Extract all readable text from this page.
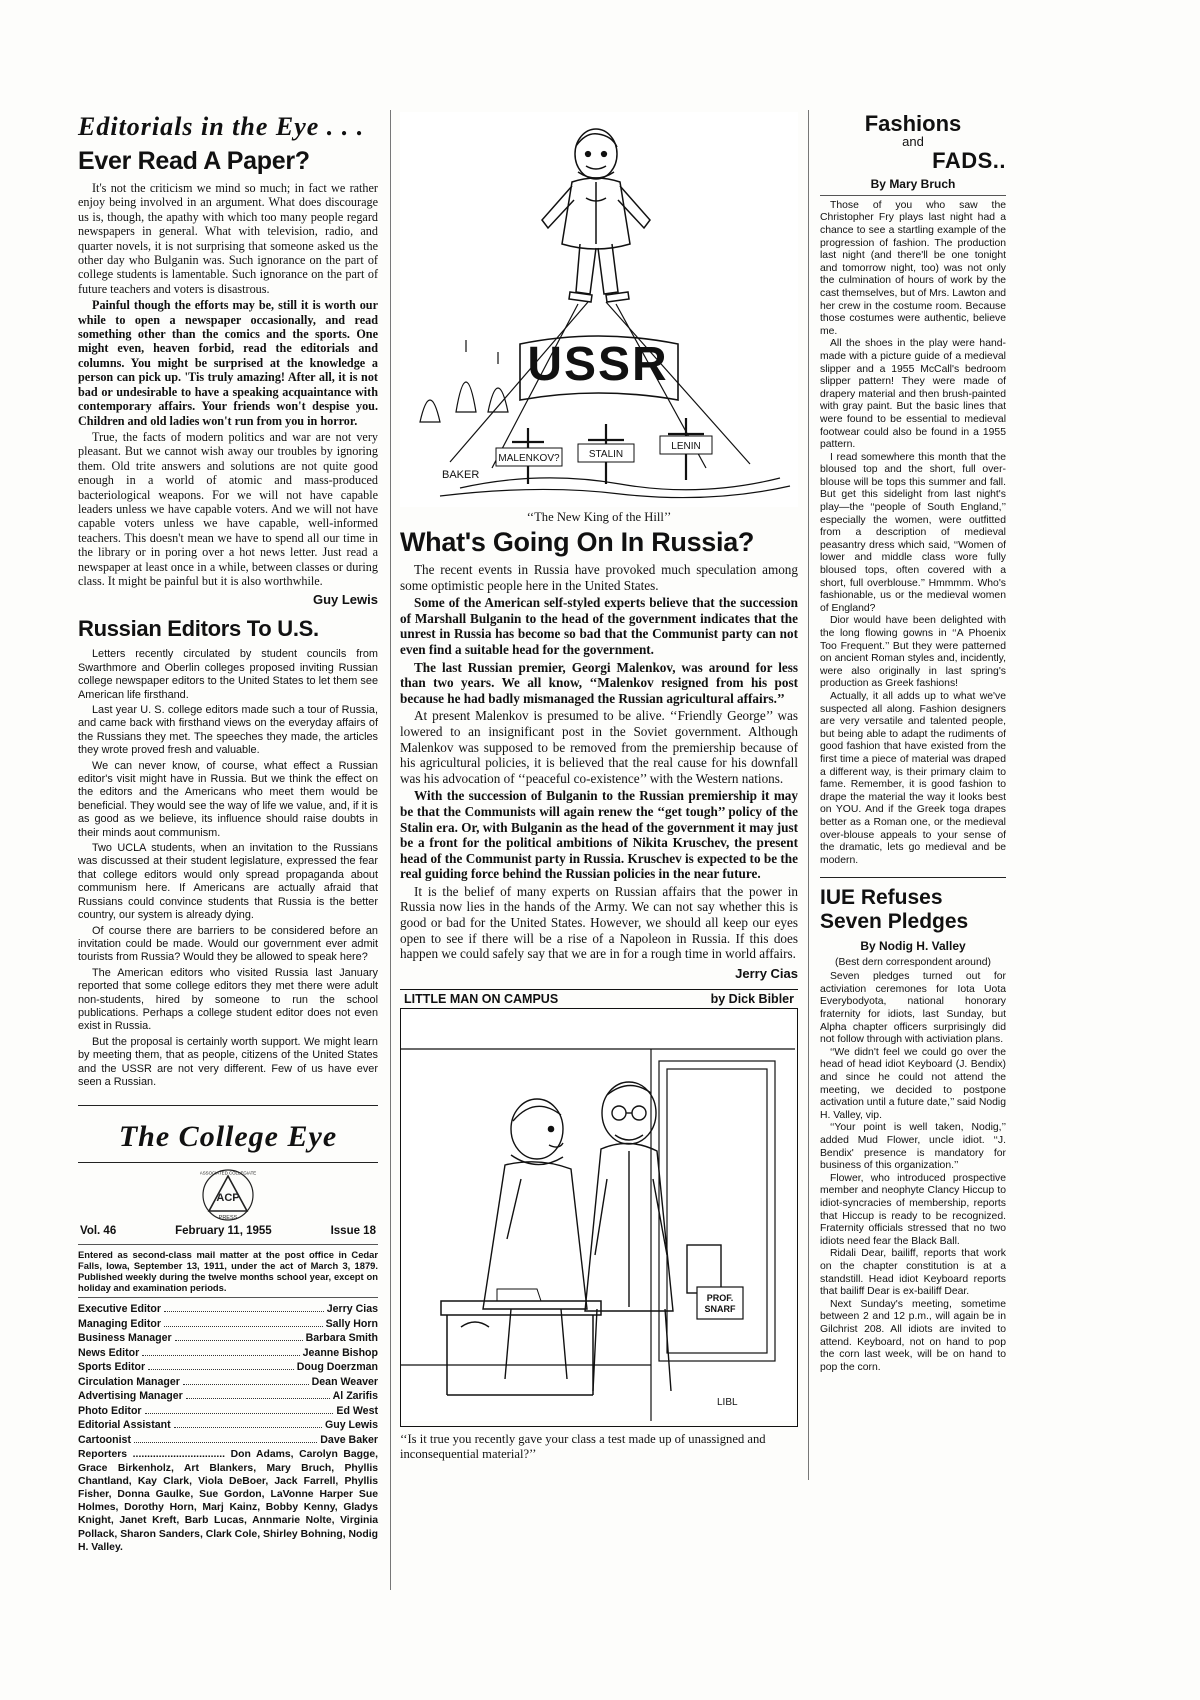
Editorials in the Eye . . .
Ever Read A Paper?

It's not the criticism we mind so much; in fact we rather enjoy being involved in an argument. What does discourage us is, though, the apathy with which too many people regard newspapers in general. What with television, radio, and quarter novels, it is not surprising that someone asked us the other day who Bulganin was. Such ignorance on the part of college students is lamentable. Such ignorance on the part of future teachers and voters is disastrous.

Painful though the efforts may be, still it is worth our while to open a newspaper occasionally, and read something other than the comics and the sports. One might even, heaven forbid, read the editorials and columns. You might be surprised at the knowledge a person can pick up. 'Tis truly amazing! After all, it is not bad or undesirable to have a speaking acquaintance with contemporary affairs. Your friends won't despise you. Children and old ladies won't run from you in horror.

True, the facts of modern politics and war are not very pleasant. But we cannot wish away our troubles by ignoring them. Old trite answers and solutions are not quite good enough in a world of atomic and mass-produced bacteriological weapons. For we will not have capable leaders unless we have capable voters. And we will not have capable voters unless we have capable, well-informed teachers. This doesn't mean we have to spend all our time in the library or in poring over a hot news letter. Just read a newspaper at least once in a while, between classes or during class. It might be painful but it is also worthwhile.

Guy Lewis
Russian Editors To U.S.

Letters recently circulated by student councils from Swarthmore and Oberlin colleges proposed inviting Russian college newspaper editors to the United States to let them see American life firsthand.

Last year U. S. college editors made such a tour of Russia, and came back with firsthand views on the everyday affairs of the Russians they met. The speeches they made, the articles they wrote proved fresh and valuable.

We can never know, of course, what effect a Russian editor's visit might have in Russia. But we think the effect on the editors and the Americans who meet them would be beneficial. They would see the way of life we value, and, if it is as good as we believe, its influence should raise doubts in their minds aout communism.

Two UCLA students, when an invitation to the Russians was discussed at their student legislature, expressed the fear that college editors would only spread propaganda about communism here. If Americans are actually afraid that Russians could convince students that Russia is the better country, our system is already dying.

Of course there are barriers to be considered before an invitation could be made. Would our government ever admit tourists from Russia? Would they be allowed to speak here?

The American editors who visited Russia last January reported that some college editors they met there were adult non-students, hired by someone to run the school publications. Perhaps a college student editor does not even exist in Russia.

But the proposal is certainly worth support. We might learn by meeting them, that as people, citizens of the United States and the USSR are not very different. Few of us have ever seen a Russian.

The College Eye
ACP
PRESS
ASSOCIATED COLLEGIATE
Vol. 46	February 11, 1955	Issue 18
Entered as second-class mail matter at the post office in Cedar Falls, Iowa, September 13, 1911, under the act of March 3, 1879. Published weekly during the twelve months school year, except on holiday and examination periods.
Executive Editor	Jerry Cias
Managing Editor	Sally Horn
Business Manager	Barbara Smith
News Editor	Jeanne Bishop
Sports Editor	Doug Doerzman
Circulation Manager	Dean Weaver
Advertising Manager	Al Zarifis
Photo Editor	Ed West
Editorial Assistant	Guy Lewis
Cartoonist	Dave Baker
Reporters ................................ Don Adams, Carolyn Bagge, Grace Birkenholz, Art Blankers, Mary Bruch, Phyllis Chantland, Kay Clark, Viola DeBoer, Jack Farrell, Phyllis Fisher, Donna Gaulke, Sue Gordon, LaVonne Harper Sue Holmes, Dorothy Horn, Marj Kainz, Bobby Kenny, Gladys Knight, Janet Kreft, Barb Lucas, Annmarie Nolte, Virginia Pollack, Sharon Sanders, Clark Cole, Shirley Bohning, Nodig H. Valley.
USSR
MALENKOV?	STALIN
LENIN
BAKER
‘‘The New King of the Hill’’
What's Going On In Russia?

The recent events in Russia have provoked much speculation among some optimistic people here in the United States.

Some of the American self-styled experts believe that the succession of Marshall Bulganin to the head of the government indicates that the unrest in Russia has become so bad that the Communist party can not even find a suitable head for the government.

The last Russian premier, Georgi Malenkov, was around for less than two years. We all know, ‘‘Malenkov resigned from his post because he had badly mismanaged the Russian agricultural affairs.’’

At present Malenkov is presumed to be alive. ‘‘Friendly George’’ was lowered to an insignificant post in the Soviet government. Although Malenkov was supposed to be removed from the premiership because of his agricultural policies, it is believed that the real cause for his downfall was his advocation of ‘‘peaceful co-existence’’ with the Western nations.

With the succession of Bulganin to the Russian premiership it may be that the Communists will again renew the ‘‘get tough’’ policy of the Stalin era. Or, with Bulganin as the head of the government it may just be a front for the political ambitions of Nikita Kruschev, the present head of the Communist party in Russia. Kruschev is expected to be the real guiding force behind the Russian policies in the near future.

It is the belief of many experts on Russian affairs that the power in Russia now lies in the hands of the Army. We can not say whether this is good or bad for the United States. However, we should all keep our eyes open to see if there will be a rise of a Napoleon in Russia. If this does happen we could safely say that we are in for a rough time in world affairs.

Jerry Cias
LITTLE MAN ON CAMPUS	by Dick Bibler
PROF.
SNARF
LIBL
‘‘Is it true you recently gave your class a test made up of unassigned and inconsequential material?’’
Fashions
and
FADS..
By Mary Bruch

Those of you who saw the Christopher Fry plays last night had a chance to see a startling example of the progression of fashion. The production last night (and there'll be one tonight and tomorrow night, too) was not only the culmination of hours of work by the cast themselves, but of Mrs. Lawton and her crew in the costume room. Because those costumes were authentic, believe me.

All the shoes in the play were hand-made with a picture guide of a medieval slipper and a 1955 McCall's bedroom slipper pattern! They were made of drapery material and then brush-painted with gray paint. But the basic lines that were found to be essential to medieval footwear could also be found in a 1955 pattern.

I read somewhere this month that the bloused top and the short, full over-blouse will be tops this summer and fall. But get this sidelight from last night's play—the ‘‘people of South England,’’ especially the women, were outfitted from a description of medieval peasantry dress which said, ‘‘Women of lower and middle class wore fully bloused tops, often covered with a short, full overblouse.’’ Hmmmm. Who's fashionable, us or the medieval women of England?

Dior would have been delighted with the long flowing gowns in ‘‘A Phoenix Too Frequent.’’ But they were patterned on ancient Roman styles and, incidently, were also originally in last spring's production as Greek fashions!

Actually, it all adds up to what we've suspected all along. Fashion designers are very versatile and talented people, but being able to adapt the rudiments of good fashion that have existed from the first time a piece of material was draped a different way, is their primary claim to fame. Remember, it is good fashion to drape the material the way it looks best on YOU. And if the Greek toga drapes better as a Roman one, or the medieval over-blouse appeals to your sense of the dramatic, lets go medieval and be modern.

IUE Refuses
Seven Pledges
By Nodig H. Valley
(Best dern correspondent around)

Seven pledges turned out for activiation ceremones for Iota Uota Everybodyota, national honorary fraternity for idiots, last Sunday, but Alpha chapter officers surprisingly did not follow through with activiation plans.

‘‘We didn't feel we could go over the head of head idiot Keyboard (J. Bendix) and since he could not attend the meeting, we decided to postpone activation until a future date,’’ said Nodig H. Valley, vip.

‘‘Your point is well taken, Nodig,’’ added Mud Flower, uncle idiot. ‘‘J. Bendix' presence is mandatory for business of this organization.’’

Flower, who introduced prospective member and neophyte Clancy Hiccup to idiot-syncracies of membership, reports that Hiccup is ready to be recognized. Fraternity officials stressed that no two idiots need fear the Black Ball.

Ridali Dear, bailiff, reports that work on the chapter constitution is at a standstill. Head idiot Keyboard reports that bailiff Dear is ex-bailiff Dear.

Next Sunday's meeting, sometime between 2 and 12 p.m., will again be in Gilchrist 208. All idiots are invited to attend. Keyboard, not on hand to pop the corn last week, will be on hand to pop the corn.
